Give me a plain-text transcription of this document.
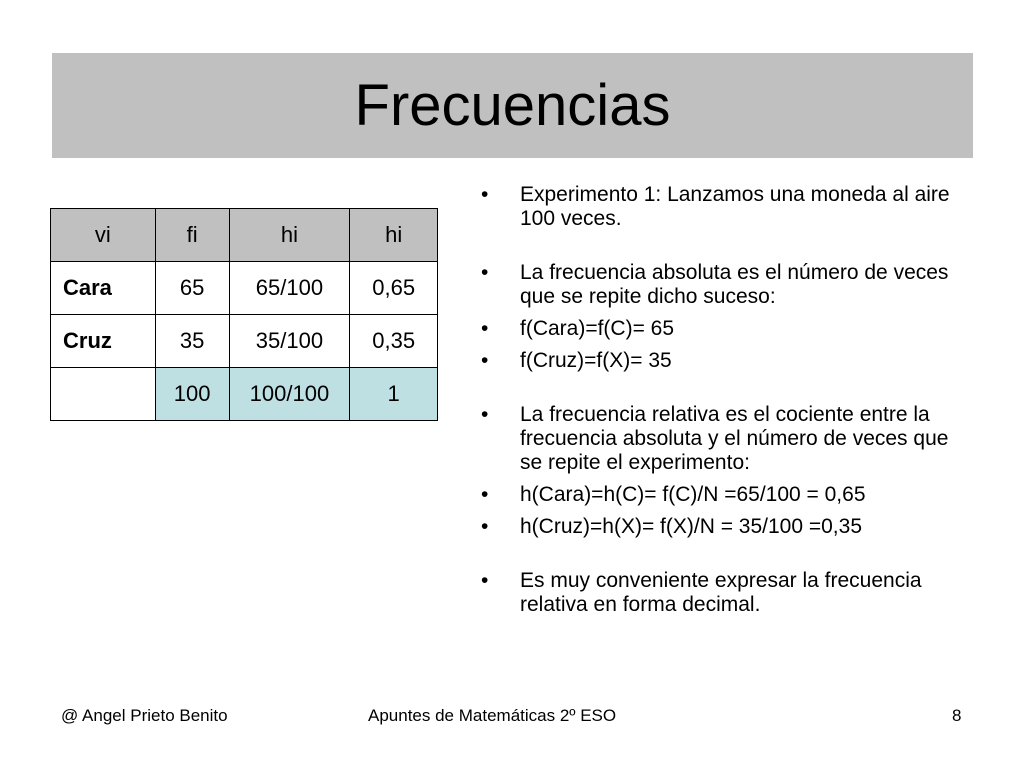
Frecuencias
vi	fi	hi	hi
Cara	65	65/100	0,65
Cruz	35	35/100	0,35
	100	100/100	1
• Experimento 1: Lanzamos una moneda al aire 100 veces.
• La frecuencia absoluta es el número de veces que se repite dicho suceso:
• f(Cara)=f(C)= 65
• f(Cruz)=f(X)= 35
• La frecuencia relativa es el cociente entre la frecuencia absoluta y el número de veces que se repite el experimento:
• h(Cara)=h(C)= f(C)/N =65/100 = 0,65
• h(Cruz)=h(X)= f(X)/N = 35/100 =0,35
• Es muy conveniente expresar la frecuencia relativa en forma decimal.
@ Angel Prieto Benito	Apuntes de Matemáticas 2º ESO	8
